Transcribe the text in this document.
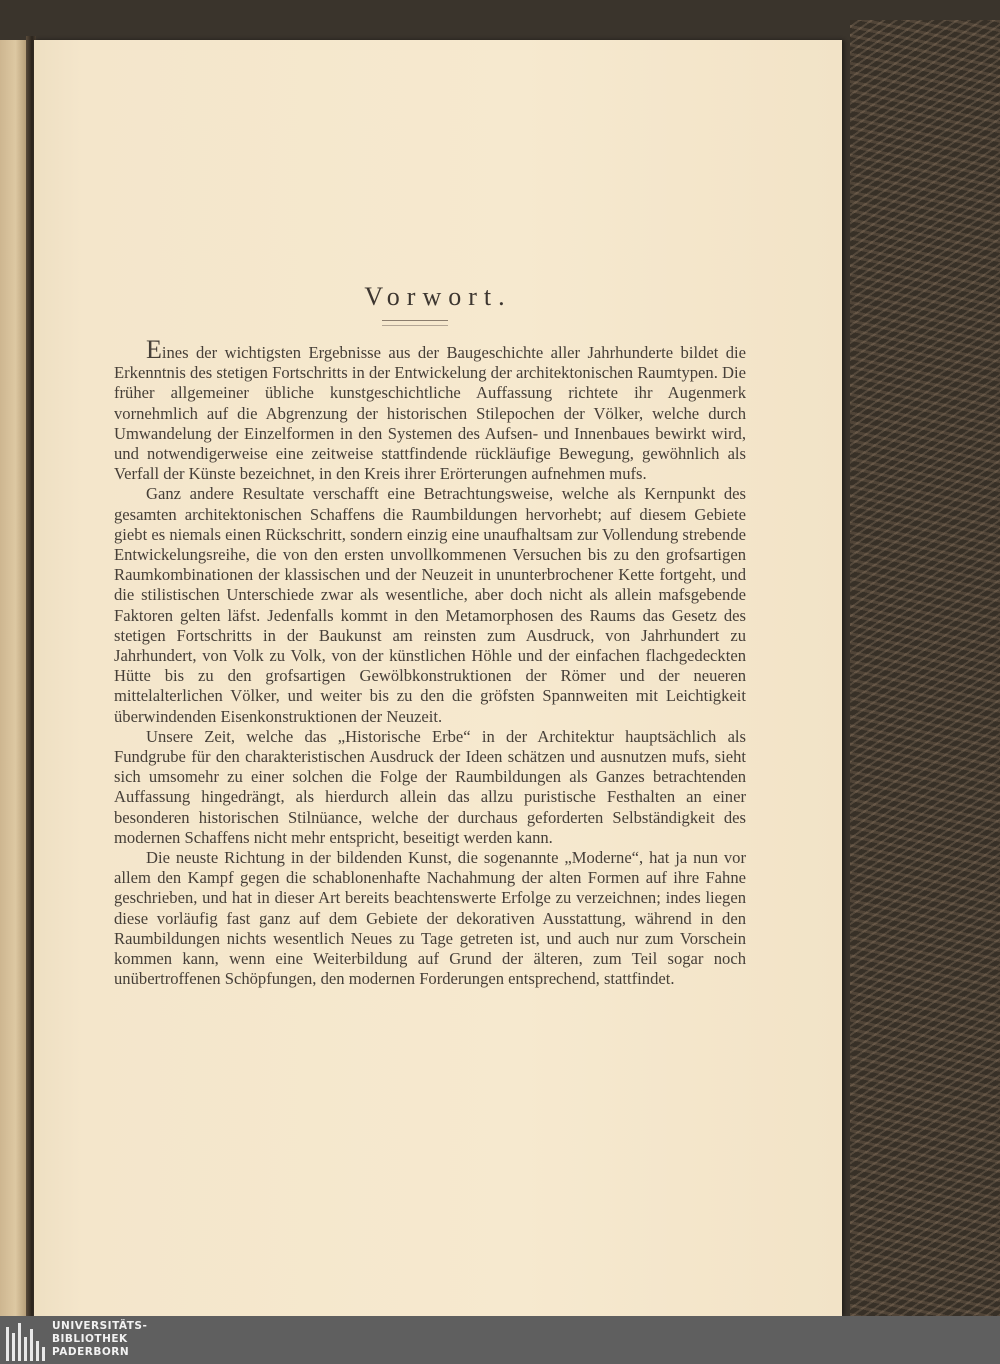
Vorwort.

Eines der wichtigsten Ergebnisse aus der Baugeschichte aller Jahrhunderte bildet die Erkenntnis des stetigen Fortschritts in der Entwickelung der architektonischen Raumtypen. Die früher allgemeiner übliche kunstgeschichtliche Auffassung richtete ihr Augenmerk vornehmlich auf die Abgrenzung der historischen Stilepochen der Völker, welche durch Umwandelung der Einzelformen in den Systemen des Aufsen- und Innenbaues bewirkt wird, und notwendigerweise eine zeitweise stattfindende rückläufige Bewegung, gewöhnlich als Verfall der Künste bezeichnet, in den Kreis ihrer Erörterungen aufnehmen mufs.

Ganz andere Resultate verschafft eine Betrachtungsweise, welche als Kernpunkt des gesamten architektonischen Schaffens die Raumbildungen hervorhebt; auf diesem Gebiete giebt es niemals einen Rückschritt, sondern einzig eine unaufhaltsam zur Vollendung strebende Entwickelungsreihe, die von den ersten unvollkommenen Versuchen bis zu den grofsartigen Raumkombinationen der klassischen und der Neuzeit in ununterbrochener Kette fortgeht, und die stilistischen Unterschiede zwar als wesentliche, aber doch nicht als allein mafsgebende Faktoren gelten läfst. Jedenfalls kommt in den Metamorphosen des Raums das Gesetz des stetigen Fortschritts in der Baukunst am reinsten zum Ausdruck, von Jahrhundert zu Jahrhundert, von Volk zu Volk, von der künstlichen Höhle und der einfachen flachgedeckten Hütte bis zu den grofsartigen Gewölbkonstruktionen der Römer und der neueren mittelalterlichen Völker, und weiter bis zu den die gröfsten Spannweiten mit Leichtigkeit überwindenden Eisenkonstruktionen der Neuzeit.

Unsere Zeit, welche das „Historische Erbe“ in der Architektur hauptsächlich als Fundgrube für den charakteristischen Ausdruck der Ideen schätzen und ausnutzen mufs, sieht sich umsomehr zu einer solchen die Folge der Raumbildungen als Ganzes betrachtenden Auffassung hingedrängt, als hierdurch allein das allzu puristische Festhalten an einer besonderen historischen Stilnüance, welche der durchaus geforderten Selbständigkeit des modernen Schaffens nicht mehr entspricht, beseitigt werden kann.

Die neuste Richtung in der bildenden Kunst, die sogenannte „Moderne“, hat ja nun vor allem den Kampf gegen die schablonenhafte Nachahmung der alten Formen auf ihre Fahne geschrieben, und hat in dieser Art bereits beachtenswerte Erfolge zu verzeichnen; indes liegen diese vorläufig fast ganz auf dem Gebiete der dekorativen Ausstattung, während in den Raumbildungen nichts wesentlich Neues zu Tage getreten ist, und auch nur zum Vorschein kommen kann, wenn eine Weiterbildung auf Grund der älteren, zum Teil sogar noch unübertroffenen Schöpfungen, den modernen Forderungen entsprechend, stattfindet.

UNIVERSITÄTS-
BIBLIOTHEK
PADERBORN
